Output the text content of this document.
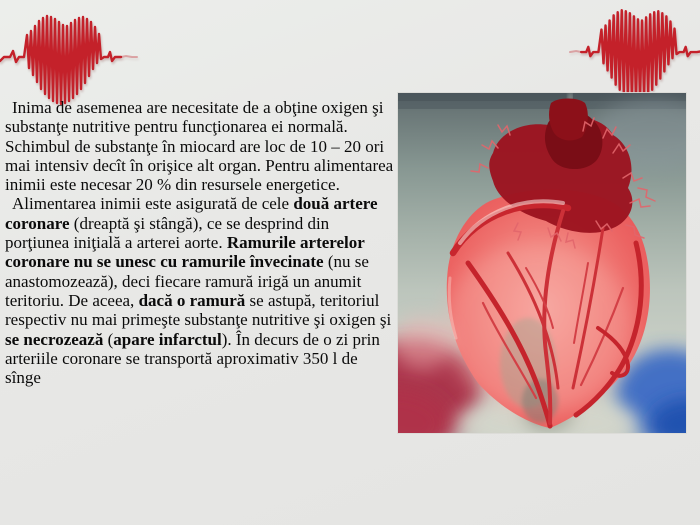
Inima de asemenea are necesitate de a obţine oxigen şi substanţe nutritive pentru funcţionarea ei normală. Schimbul de substanţe în miocard are loc de 10 – 20 ori mai intensiv decît în orişice alt organ. Pentru alimentarea inimii este necesar 20 % din resursele energetice.

Alimentarea inimii este asigurată de cele două artere coronare (dreaptă şi stângă), ce se desprind din porţiunea iniţială a arterei aorte. Ramurile arterelor coronare nu se unesc cu ramurile învecinate (nu se anastomozează), deci fiecare ramură irigă un anumit teritoriu. De aceea, dacă o ramură se astupă, teritoriul respectiv nu mai primeşte substanţe nutritive şi oxigen şi se necrozează (apare infarctul). În decurs de o zi prin arteriile coronare se transportă aproximativ 350 l de sînge
